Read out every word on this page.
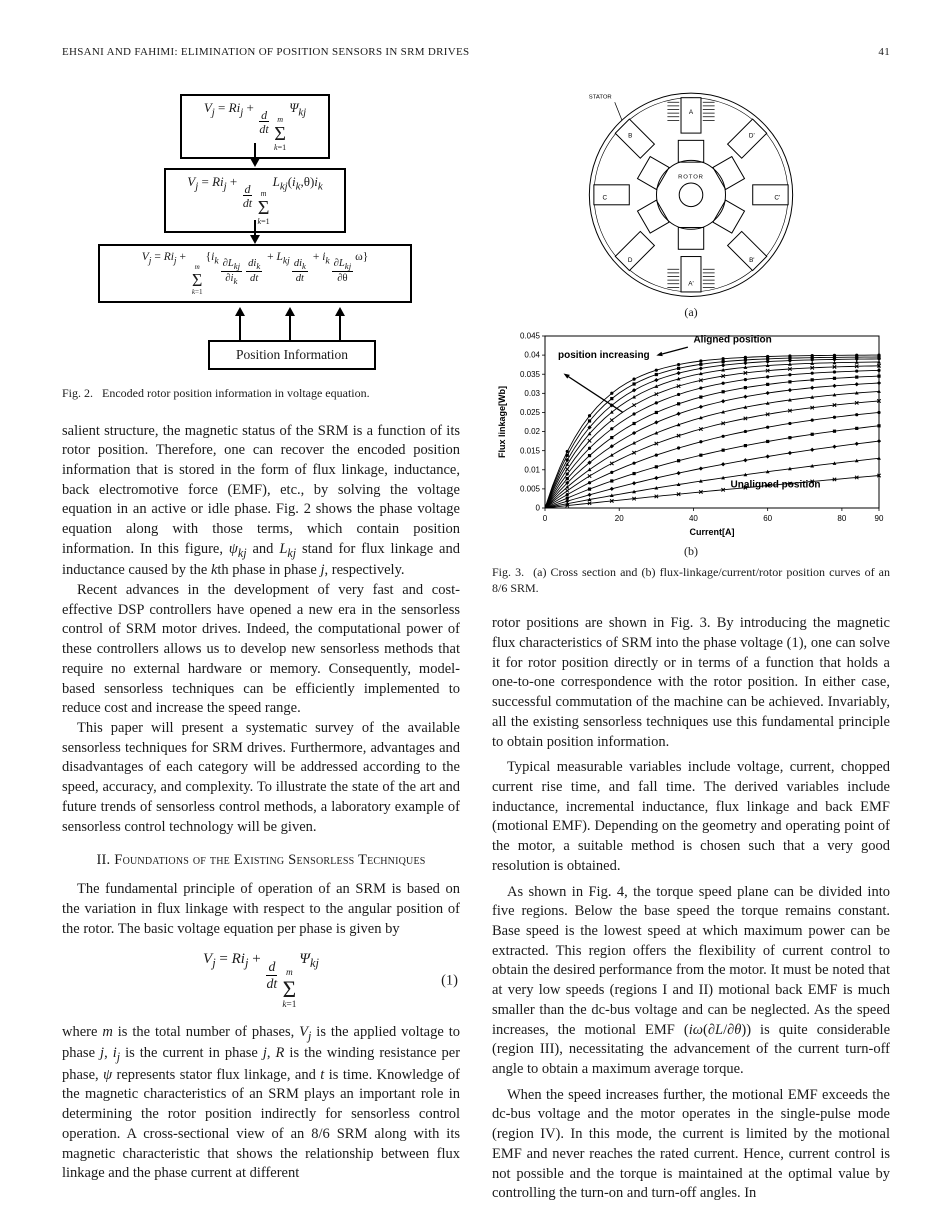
EHSANI AND FAHIMI: ELIMINATION OF POSITION SENSORS IN SRM DRIVES	41
$V_j = Ri_j$ +
$\frac{d}{dt}$ m
Σ
k=1
$\Psi_{kj}$
$V_j = Ri_j$ +
$\frac{d}{dt}$ m
Σ
k=1
$L_{kj}(i_k,\theta)i_k$
$V_j = Ri_j$ +
m
Σ
k=1
{$i_k \frac{\partial L_{kj}}{\partial i_k} \frac{di_k}{dt}$
+ $L_{kj} \frac{di_k}{dt}$
+ $i_k \frac{\partial L_{kj}}{\partial\theta}$
ω}
Position Information

Fig. 2. Encoded rotor position information in voltage equation.

salient structure, the magnetic status of the SRM is a function of its rotor position. Therefore, one can recover the encoded position information that is stored in the form of flux linkage, inductance, back electromotive force (EMF), etc., by solving the voltage equation in an active or idle phase. Fig. 2 shows the phase voltage equation along with those terms, which contain position information. In this figure, $\psi_{kj}$ and $L_{kj}$ stand for flux linkage and inductance caused by the kth phase in phase j, respectively.

Recent advances in the development of very fast and cost-effective DSP controllers have opened a new era in the sensorless control of SRM motor drives. Indeed, the computational power of these controllers allows us to develop new sensorless methods that require no external hardware or memory. Consequently, model-based sensorless techniques can be efficiently implemented to reduce cost and increase the speed range.

This paper will present a systematic survey of the available sensorless techniques for SRM drives. Furthermore, advantages and disadvantages of each category will be addressed according to the speed, accuracy, and complexity. To illustrate the state of the art and future trends of sensorless control methods, a laboratory example of sensorless control technology will be given.

II. Foundations of the Existing Sensorless Techniques

The fundamental principle of operation of an SRM is based on the variation in flux linkage with respect to the angular position of the rotor. The basic voltage equation per phase is given by

$V_j = Ri_j$ +
$\frac{d}{dt}$ m
Σ
k=1
$\Psi_{kj}$
(1)

where m is the total number of phases, $V_j$ is the applied voltage to phase j, $i_j$ is the current in phase j, R is the winding resistance per phase, ψ represents stator flux linkage, and t is time. Knowledge of the magnetic characteristics of an SRM plays an important role in determining the rotor position indirectly for sensorless control operation. A cross-sectional view of an 8/6 SRM along with its magnetic characteristic that shows the relationship between flux linkage and the phase current at different

STATOR
ROTOR
A
D'
C'
B'
A'
D
C
B

(a)

0
0.005
0.01
0.015
0.02
0.025
0.03
0.035
0.04
0.045
0	20	40	60	80	90
Flux linkage[Wb]
Current[A]
Aligned position
position increasing
Unaligned position

(b)

Fig. 3. (a) Cross section and (b) flux-linkage/current/rotor position curves of an 8/6 SRM.

rotor positions are shown in Fig. 3. By introducing the magnetic flux characteristics of SRM into the phase voltage (1), one can solve it for rotor position directly or in terms of a function that holds a one-to-one correspondence with the rotor position. In either case, successful commutation of the machine can be achieved. Invariably, all the existing sensorless techniques use this fundamental principle to obtain position information.

Typical measurable variables include voltage, current, chopped current rise time, and fall time. The derived variables include inductance, incremental inductance, flux linkage and back EMF (motional EMF). Depending on the geometry and operating point of the motor, a suitable method is chosen such that a very good resolution is obtained.

As shown in Fig. 4, the torque speed plane can be divided into five regions. Below the base speed the torque remains constant. Base speed is the lowest speed at which maximum power can be extracted. This region offers the flexibility of current control to obtain the desired performance from the motor. It must be noted that at very low speeds (regions I and II) motional back EMF is much smaller than the dc-bus voltage and can be neglected. As the speed increases, the motional EMF (iω(∂L/∂θ)) is quite considerable (region III), necessitating the advancement of the current turn-off angle to obtain a maximum average torque.

When the speed increases further, the motional EMF exceeds the dc-bus voltage and the motor operates in the single-pulse mode (region IV). In this mode, the current is limited by the motional EMF and never reaches the rated current. Hence, current control is not possible and the torque is maintained at the optimal value by controlling the turn-on and turn-off angles. In
